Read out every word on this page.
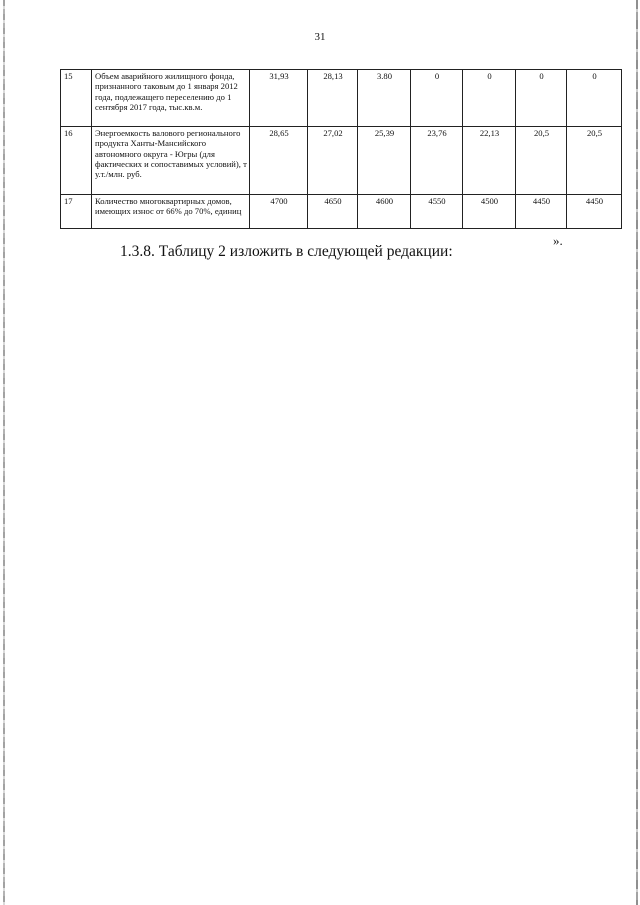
31
15	Объем аварийного жилищного фонда, признанного таковым до 1 января 2012 года, подлежащего переселению до 1 сентября 2017 года, тыс.кв.м.	31,93	28,13	3.80	0	0	0	0
16	Энергоемкость валового регионального продукта Ханты-Мансийского автономного округа - Югры (для фактических и сопоставимых условий), т у.т./млн. руб.	28,65	27,02	25,39	23,76	22,13	20,5	20,5
17	Количество многоквартирных домов, имеющих износ от 66% до 70%, единиц	4700	4650	4600	4550	4500	4450	4450
».
1.3.8. Таблицу 2 изложить в следующей редакции:
